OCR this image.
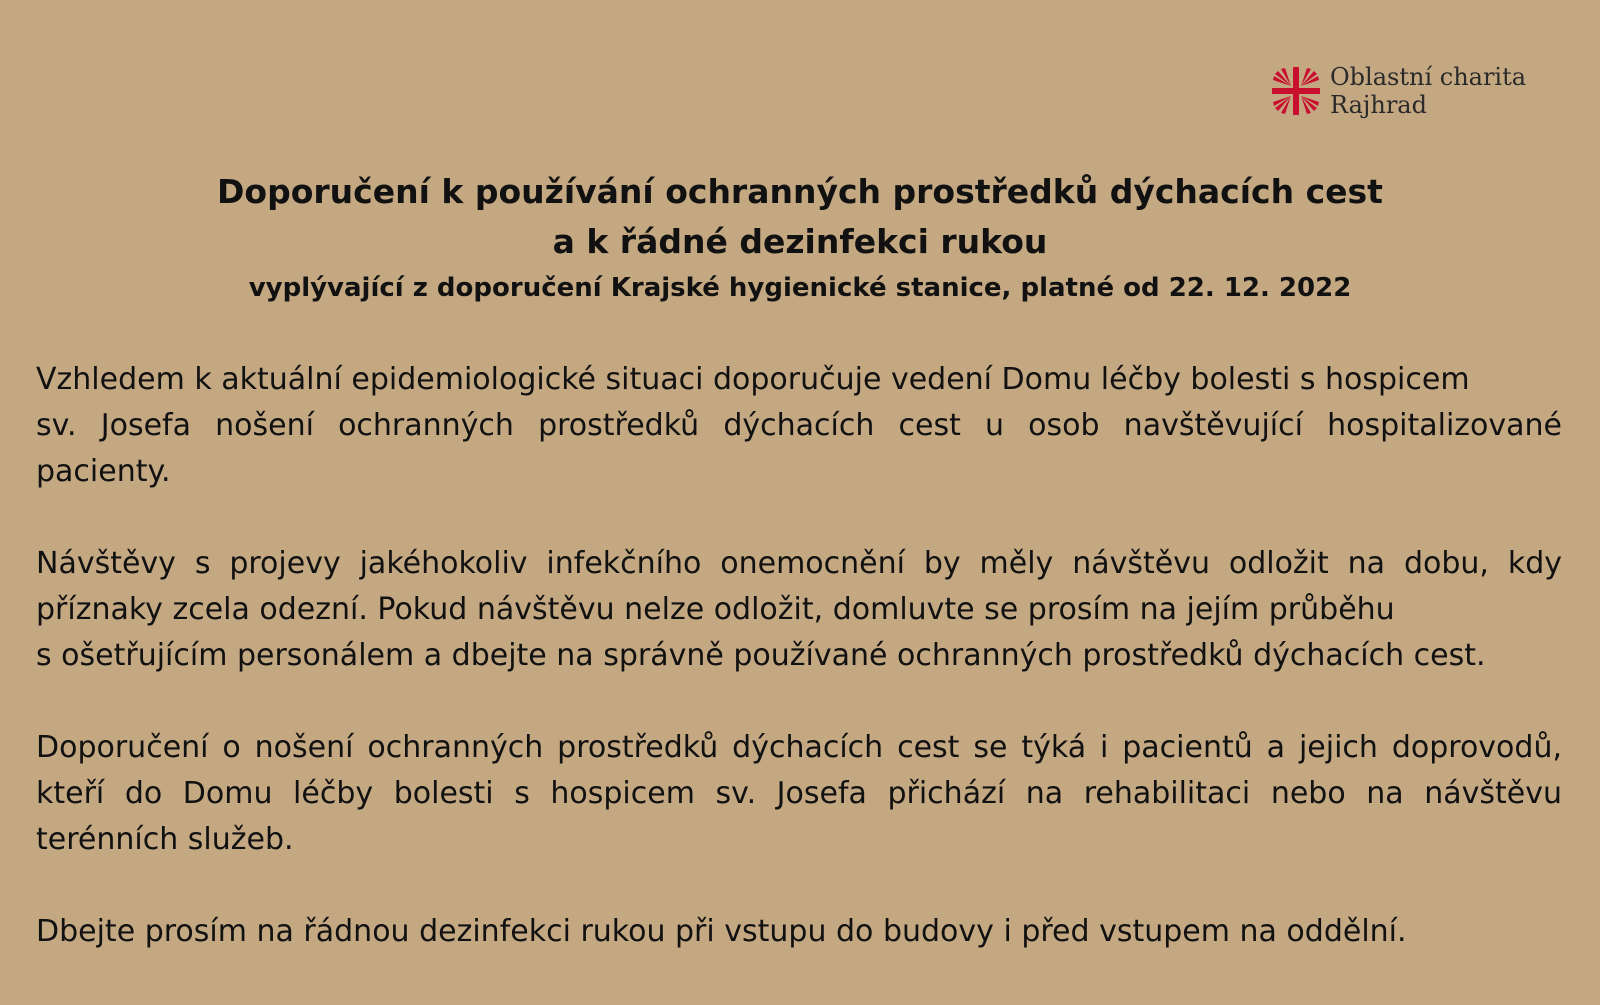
Oblastní charita
Rajhrad

Doporučení k používání ochranných prostředků dýchacích cest

a k řádné dezinfekci rukou

vyplývající z doporučení Krajské hygienické stanice, platné od 22. 12. 2022

Vzhledem k aktuální epidemiologické situaci doporučuje vedení Domu léčby bolesti s hospicem
sv. Josefa nošení ochranných prostředků dýchacích cest u osob navštěvující hospitalizované
pacienty.
Návštěvy s projevy jakéhokoliv infekčního onemocnění by měly návštěvu odložit na dobu, kdy
příznaky zcela odezní. Pokud návštěvu nelze odložit, domluvte se prosím na jejím průběhu
s ošetřujícím personálem a dbejte na správně používané ochranných prostředků dýchacích cest.
Doporučení o nošení ochranných prostředků dýchacích cest se týká i pacientů a jejich doprovodů,
kteří do Domu léčby bolesti s hospicem sv. Josefa přichází na rehabilitaci nebo na návštěvu
terénních služeb.
Dbejte prosím na řádnou dezinfekci rukou při vstupu do budovy i před vstupem na oddělní.
